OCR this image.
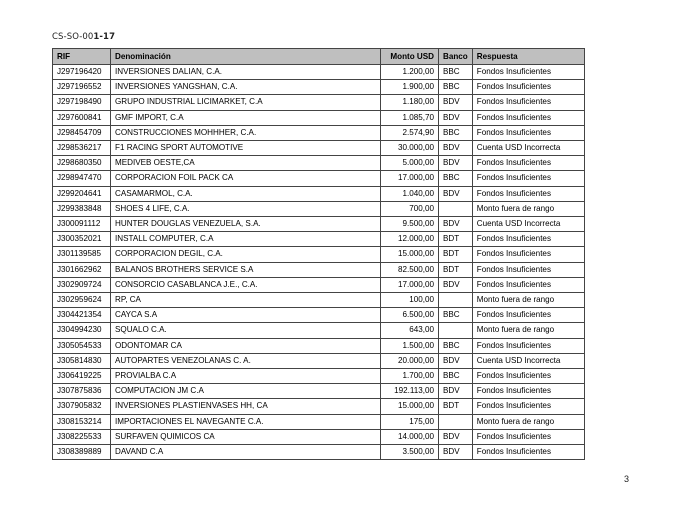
CS-SO-001-17
RIF	Denominación	Monto USD	Banco	Respuesta
J297196420	INVERSIONES DALIAN, C.A.	1.200,00	BBC	Fondos Insuficientes
J297196552	INVERSIONES YANGSHAN, C.A.	1.900,00	BBC	Fondos Insuficientes
J297198490	GRUPO INDUSTRIAL LICIMARKET, C.A	1.180,00	BDV	Fondos Insuficientes
J297600841	GMF IMPORT, C.A	1.085,70	BDV	Fondos Insuficientes
J298454709	CONSTRUCCIONES MOHHHER, C.A.	2.574,90	BBC	Fondos Insuficientes
J298536217	F1 RACING SPORT AUTOMOTIVE	30.000,00	BDV	Cuenta USD Incorrecta
J298680350	MEDIVEB OESTE,CA	5.000,00	BDV	Fondos Insuficientes
J298947470	CORPORACION FOIL PACK CA	17.000,00	BBC	Fondos Insuficientes
J299204641	CASAMARMOL, C.A.	1.040,00	BDV	Fondos Insuficientes
J299383848	SHOES 4 LIFE, C.A.	700,00		Monto fuera de rango
J300091112	HUNTER DOUGLAS VENEZUELA, S.A.	9.500,00	BDV	Cuenta USD Incorrecta
J300352021	INSTALL COMPUTER, C.A	12.000,00	BDT	Fondos Insuficientes
J301139585	CORPORACION DEGIL, C.A.	15.000,00	BDT	Fondos Insuficientes
J301662962	BALANOS BROTHERS SERVICE S.A	82.500,00	BDT	Fondos Insuficientes
J302909724	CONSORCIO CASABLANCA J.E., C.A.	17.000,00	BDV	Fondos Insuficientes
J302959624	RP, CA	100,00		Monto fuera de rango
J304421354	CAYCA S.A	6.500,00	BBC	Fondos Insuficientes
J304994230	SQUALO C.A.	643,00		Monto fuera de rango
J305054533	ODONTOMAR CA	1.500,00	BBC	Fondos Insuficientes
J305814830	AUTOPARTES VENEZOLANAS C. A.	20.000,00	BDV	Cuenta USD Incorrecta
J306419225	PROVIALBA C.A	1.700,00	BBC	Fondos Insuficientes
J307875836	COMPUTACION JM C.A	192.113,00	BDV	Fondos Insuficientes
J307905832	INVERSIONES PLASTIENVASES HH, CA	15.000,00	BDT	Fondos Insuficientes
J308153214	IMPORTACIONES EL NAVEGANTE C.A.	175,00		Monto fuera de rango
J308225533	SURFAVEN QUIMICOS CA	14.000,00	BDV	Fondos Insuficientes
J308389889	DAVAND C.A	3.500,00	BDV	Fondos Insuficientes
3
